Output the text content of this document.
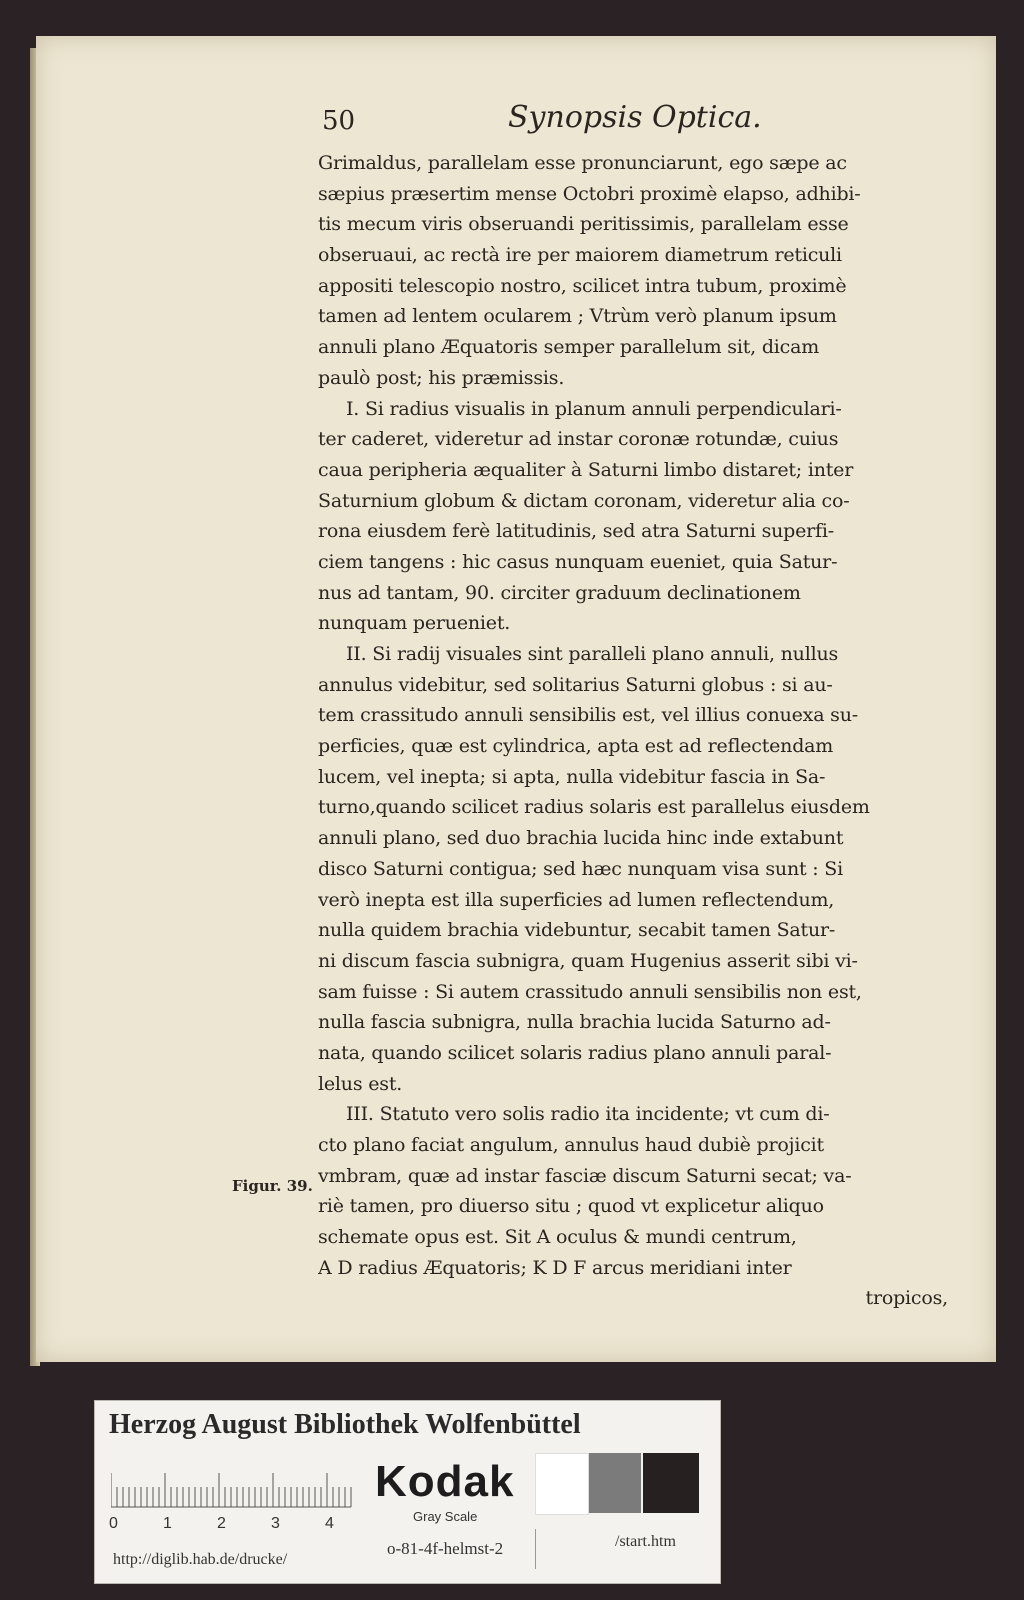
50	Synopsis Optica.
Grimaldus, parallelam esse pronunciarunt, ego sæpe ac
sæpius præsertim mense Octobri proximè elapso, adhibi-
tis mecum viris obseruandi peritissimis, parallelam esse
obseruaui, ac rectà ire per maiorem diametrum reticuli
appositi telescopio nostro, scilicet intra tubum, proximè
tamen ad lentem ocularem ; Vtrùm verò planum ipsum
annuli plano Æquatoris semper parallelum sit, dicam
paulò post; his præmissis.
I. Si radius visualis in planum annuli perpendiculari-
ter caderet, videretur ad instar coronæ rotundæ, cuius
caua peripheria æqualiter à Saturni limbo distaret; inter
Saturnium globum & dictam coronam, videretur alia co-
rona eiusdem ferè latitudinis, sed atra Saturni superfi-
ciem tangens : hic casus nunquam eueniet, quia Satur-
nus ad tantam, 90. circiter graduum declinationem
nunquam perueniet.
II. Si radij visuales sint paralleli plano annuli, nullus
annulus videbitur, sed solitarius Saturni globus : si au-
tem crassitudo annuli sensibilis est, vel illius conuexa su-
perficies, quæ est cylindrica, apta est ad reflectendam
lucem, vel inepta; si apta, nulla videbitur fascia in Sa-
turno,quando scilicet radius solaris est parallelus eiusdem
annuli plano, sed duo brachia lucida hinc inde extabunt
disco Saturni contigua; sed hæc nunquam visa sunt : Si
verò inepta est illa superficies ad lumen reflectendum,
nulla quidem brachia videbuntur, secabit tamen Satur-
ni discum fascia subnigra, quam Hugenius asserit sibi vi-
sam fuisse : Si autem crassitudo annuli sensibilis non est,
nulla fascia subnigra, nulla brachia lucida Saturno ad-
nata, quando scilicet solaris radius plano annuli paral-
lelus est.
III. Statuto vero solis radio ita incidente; vt cum di-
cto plano faciat angulum, annulus haud dubiè projicit
vmbram, quæ ad instar fasciæ discum Saturni secat; va-
riè tamen, pro diuerso situ ; quod vt explicetur aliquo
schemate opus est. Sit A oculus & mundi centrum,
A D radius Æquatoris; K D F arcus meridiani inter
tropicos,
Figur. 39.
Herzog August Bibliothek Wolfenbüttel
0	1	2	3	4
Kodak
Gray Scale
http://diglib.hab.de/drucke/
o-81-4f-helmst-2	/start.htm
